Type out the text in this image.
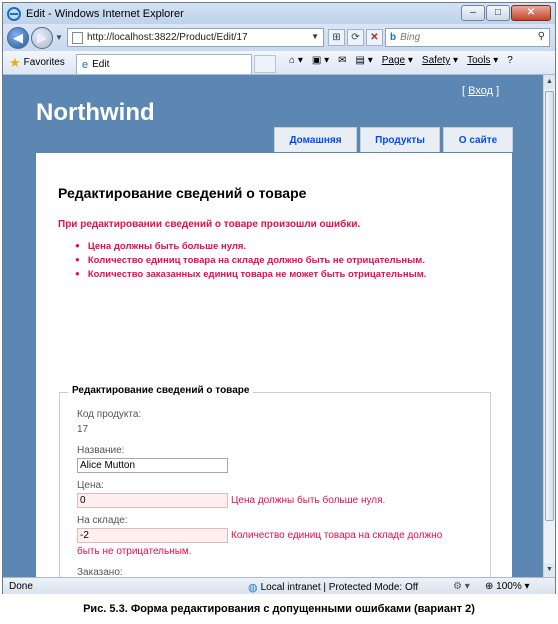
Edit - Windows Internet Explorer	–	□	✕
◀	▶	▼ http://localhost:3822/Product/Edit/17	▼	⊞	⟳	✕	b Bing	⚲
★ Favorites e Edit	⌂ ▾ ▣ ▾ ✉ ▤ ▾ Page ▾ Safety ▾ Tools ▾ ?
[ Вход ]
Northwind
Домашняя	Продукты	О сайте
Редактирование сведений о товаре
При редактировании сведений о товаре произошли ошибки.
● Цена должны быть больше нуля.
● Количество единиц товара на складе должно быть не отрицательным.
● Количество заказанных единиц товара не может быть отрицательным.
Редактирование сведений о товаре
Код продукта:
17
Название:
Alice Mutton
Цена:
0	Цена должны быть больше нуля.
На складе:
-2	Количество единиц товара на складе должно
быть не отрицательным.
Заказано:
▲
▼
Done	◍ Local intranet | Protected Mode: Off	⚙ ▾ ⊕ 100% ▾
Рис. 5.3. Форма редактирования с допущенными ошибками (вариант 2)
